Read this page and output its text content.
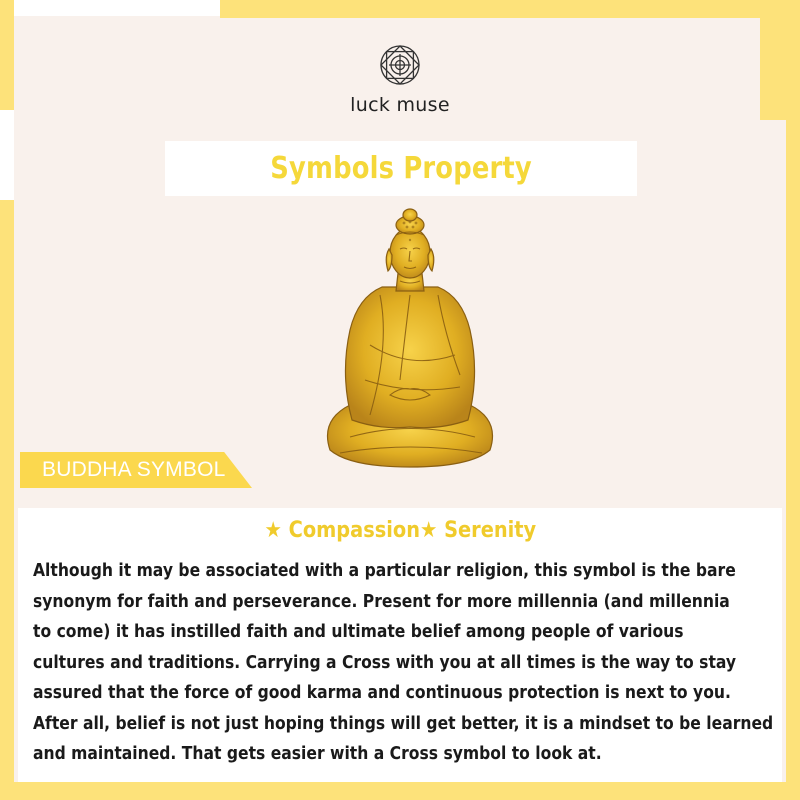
luck muse
Symbols Property
BUDDHA SYMBOL
★ Compassion★ Serenity
Although it may be associated with a particular religion, this symbol is the bare
synonym for faith and perseverance. Present for more millennia (and millennia
to come) it has instilled faith and ultimate belief among people of various
cultures and traditions. Carrying a Cross with you at all times is the way to stay
assured that the force of good karma and continuous protection is next to you.
After all, belief is not just hoping things will get better, it is a mindset to be learned
and maintained. That gets easier with a Cross symbol to look at.
